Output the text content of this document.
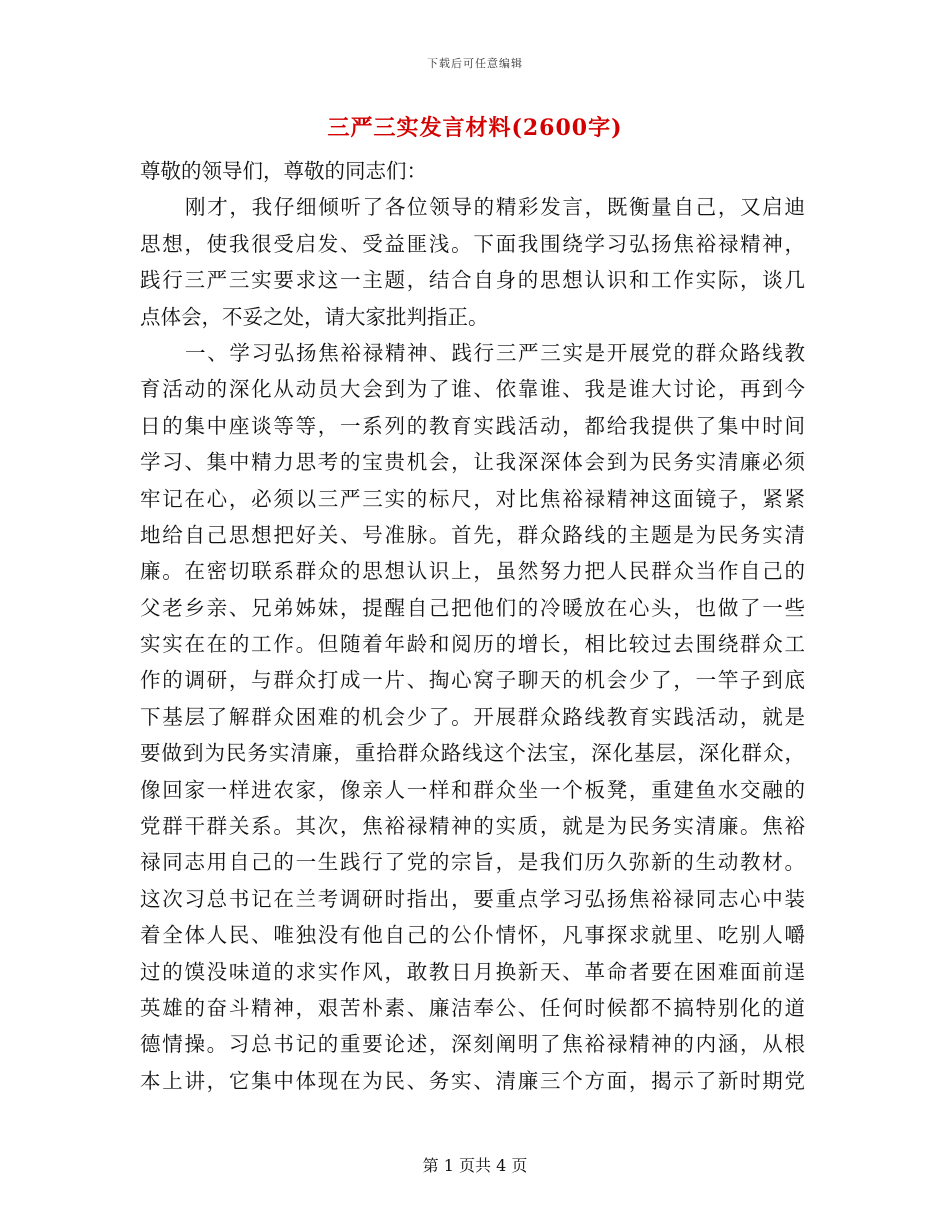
下载后可任意编辑
三严三实发言材料(2600字)
尊敬的领导们，尊敬的同志们：
刚才，我仔细倾听了各位领导的精彩发言，既衡量自己，又启迪
思想，使我很受启发、受益匪浅。下面我围绕学习弘扬焦裕禄精神，
践行三严三实要求这一主题，结合自身的思想认识和工作实际，谈几
点体会，不妥之处，请大家批判指正。
一、学习弘扬焦裕禄精神、践行三严三实是开展党的群众路线教
育活动的深化从动员大会到为了谁、依靠谁、我是谁大讨论，再到今
日的集中座谈等等，一系列的教育实践活动，都给我提供了集中时间
学习、集中精力思考的宝贵机会，让我深深体会到为民务实清廉必须
牢记在心，必须以三严三实的标尺，对比焦裕禄精神这面镜子，紧紧
地给自己思想把好关、号准脉。首先，群众路线的主题是为民务实清
廉。在密切联系群众的思想认识上，虽然努力把人民群众当作自己的
父老乡亲、兄弟姊妹，提醒自己把他们的冷暖放在心头，也做了一些
实实在在的工作。但随着年龄和阅历的增长，相比较过去围绕群众工
作的调研，与群众打成一片、掏心窝子聊天的机会少了，一竿子到底
下基层了解群众困难的机会少了。开展群众路线教育实践活动，就是
要做到为民务实清廉，重拾群众路线这个法宝，深化基层，深化群众，
像回家一样进农家，像亲人一样和群众坐一个板凳，重建鱼水交融的
党群干群关系。其次，焦裕禄精神的实质，就是为民务实清廉。焦裕
禄同志用自己的一生践行了党的宗旨，是我们历久弥新的生动教材。
这次习总书记在兰考调研时指出，要重点学习弘扬焦裕禄同志心中装
着全体人民、唯独没有他自己的公仆情怀，凡事探求就里、吃别人嚼
过的馍没味道的求实作风，敢教日月换新天、革命者要在困难面前逞
英雄的奋斗精神，艰苦朴素、廉洁奉公、任何时候都不搞特别化的道
德情操。习总书记的重要论述，深刻阐明了焦裕禄精神的内涵，从根
本上讲，它集中体现在为民、务实、清廉三个方面，揭示了新时期党
第 1 页共 4 页
